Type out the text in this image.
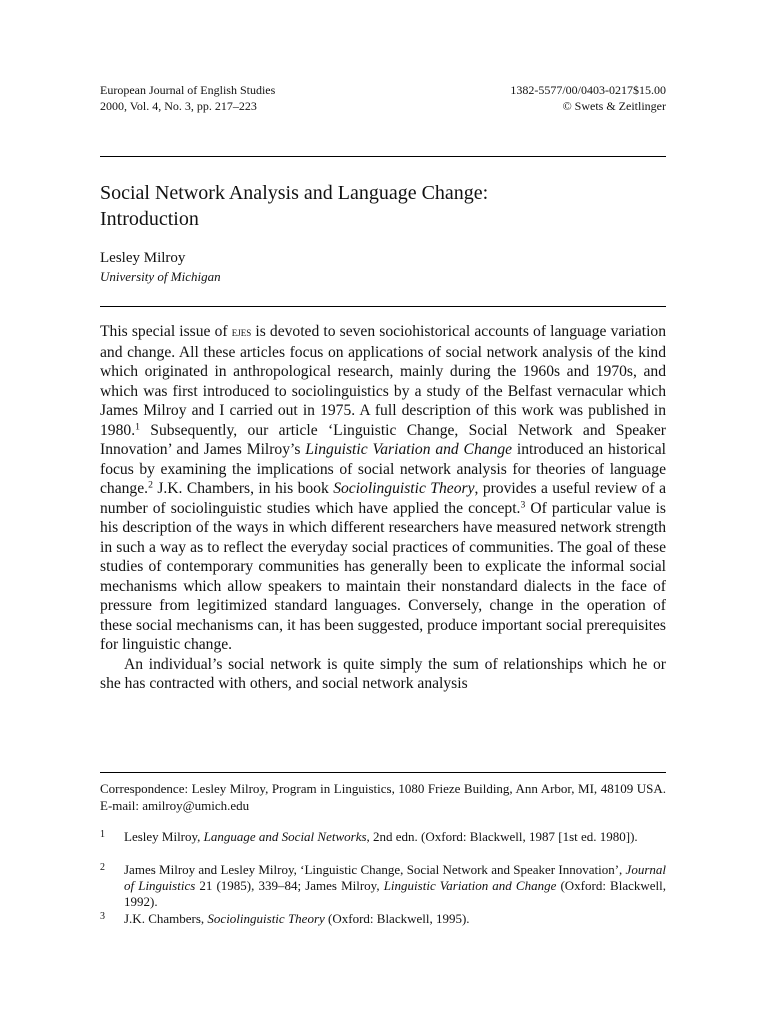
European Journal of English Studies
2000, Vol. 4, No. 3, pp. 217–223
1382-5577/00/0403-0217$15.00
© Swets & Zeitlinger
Social Network Analysis and Language Change:
Introduction
Lesley Milroy
University of Michigan

This special issue of ejes is devoted to seven sociohistorical accounts of language variation and change. All these articles focus on applications of social network analysis of the kind which originated in anthropological research, mainly during the 1960s and 1970s, and which was first introduced to sociolinguistics by a study of the Belfast vernacular which James Milroy and I carried out in 1975. A full description of this work was published in 1980.$^1$ Subsequently, our article ‘Linguistic Change, Social Network and Speaker Innovation’ and James Milroy’s Linguistic Variation and Change introduced an historical focus by examining the implications of social network analysis for theories of language change.$^2$ J.K. Chambers, in his book Sociolinguistic Theory, provides a useful review of a number of sociolinguistic studies which have applied the concept.$^3$ Of particular value is his description of the ways in which different researchers have measured network strength in such a way as to reflect the everyday social practices of communities. The goal of these studies of contemporary communities has generally been to explicate the informal social mechanisms which allow speakers to maintain their nonstandard dialects in the face of pressure from legitimized standard languages. Conversely, change in the operation of these social mechanisms can, it has been suggested, produce important social prerequisites for linguistic change.

An individual’s social network is quite simply the sum of relationships which he or she has contracted with others, and social network analysis

Correspondence: Lesley Milroy, Program in Linguistics, 1080 Frieze Building, Ann Arbor, MI, 48109 USA. E-mail: amilroy@umich.edu
1 Lesley Milroy, Language and Social Networks, 2nd edn. (Oxford: Blackwell, 1987 [1st ed. 1980]).
2 James Milroy and Lesley Milroy, ‘Linguistic Change, Social Network and Speaker Innovation’, Journal of Linguistics 21 (1985), 339–84; James Milroy, Linguistic Variation and Change (Oxford: Blackwell, 1992).
3 J.K. Chambers, Sociolinguistic Theory (Oxford: Blackwell, 1995).
